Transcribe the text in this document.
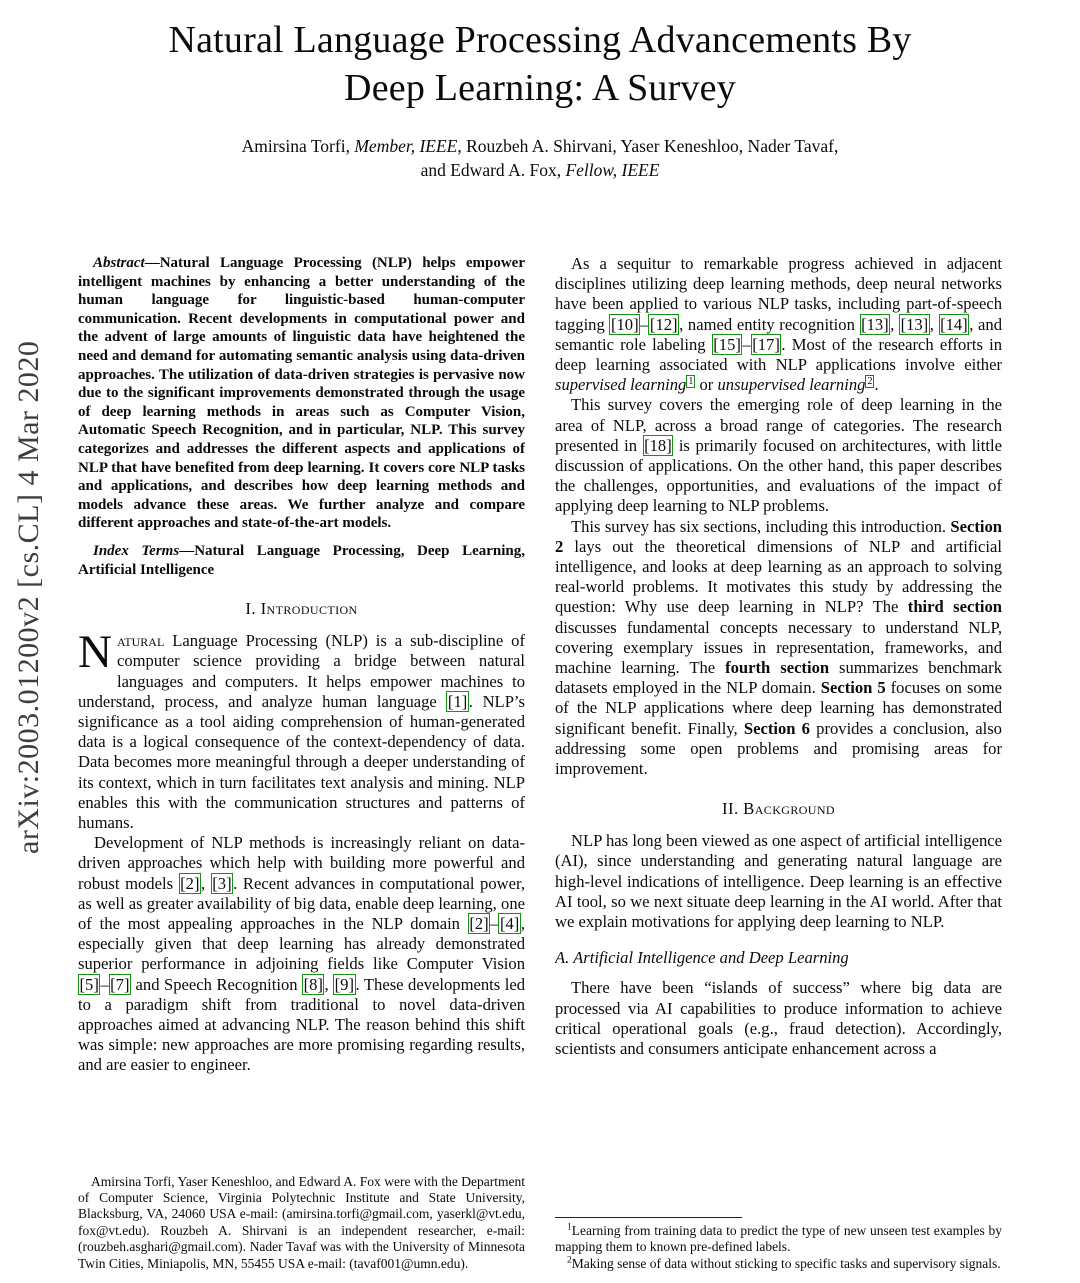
arXiv:2003.01200v2 [cs.CL] 4 Mar 2020
Natural Language Processing Advancements By
Deep Learning: A Survey
Amirsina Torfi, Member, IEEE, Rouzbeh A. Shirvani, Yaser Keneshloo, Nader Tavaf,
and Edward A. Fox, Fellow, IEEE

Abstract—Natural Language Processing (NLP) helps empower intelligent machines by enhancing a better understanding of the human language for linguistic-based human-computer communication. Recent developments in computational power and the advent of large amounts of linguistic data have heightened the need and demand for automating semantic analysis using data-driven approaches. The utilization of data-driven strategies is pervasive now due to the significant improvements demonstrated through the usage of deep learning methods in areas such as Computer Vision, Automatic Speech Recognition, and in particular, NLP. This survey categorizes and addresses the different aspects and applications of NLP that have benefited from deep learning. It covers core NLP tasks and applications, and describes how deep learning methods and models advance these areas. We further analyze and compare different approaches and state-of-the-art models.

Index Terms—Natural Language Processing, Deep Learning, Artificial Intelligence

I. Introduction

Natural Language Processing (NLP) is a sub-discipline of computer science providing a bridge between natural languages and computers. It helps empower machines to understand, process, and analyze human language [1]. NLP’s significance as a tool aiding comprehension of human-generated data is a logical consequence of the context-dependency of data. Data becomes more meaningful through a deeper understanding of its context, which in turn facilitates text analysis and mining. NLP enables this with the communication structures and patterns of humans.

Development of NLP methods is increasingly reliant on data-driven approaches which help with building more powerful and robust models [2], [3]. Recent advances in computational power, as well as greater availability of big data, enable deep learning, one of the most appealing approaches in the NLP domain [2]–[4], especially given that deep learning has already demonstrated superior performance in adjoining fields like Computer Vision [5]–[7] and Speech Recognition [8], [9]. These developments led to a paradigm shift from traditional to novel data-driven approaches aimed at advancing NLP. The reason behind this shift was simple: new approaches are more promising regarding results, and are easier to engineer.

Amirsina Torfi, Yaser Keneshloo, and Edward A. Fox were with the Department of Computer Science, Virginia Polytechnic Institute and State University, Blacksburg, VA, 24060 USA e-mail: (amirsina.torfi@gmail.com, yaserkl@vt.edu, fox@vt.edu). Rouzbeh A. Shirvani is an independent researcher, e-mail: (rouzbeh.asghari@gmail.com). Nader Tavaf was with the University of Minnesota Twin Cities, Miniapolis, MN, 55455 USA e-mail: (tavaf001@umn.edu).

As a sequitur to remarkable progress achieved in adjacent disciplines utilizing deep learning methods, deep neural networks have been applied to various NLP tasks, including part-of-speech tagging [10]–[12], named entity recognition [13], [13], [14], and semantic role labeling [15]–[17]. Most of the research efforts in deep learning associated with NLP applications involve either supervised learning $^1$ or unsupervised learning $^2$ .

This survey covers the emerging role of deep learning in the area of NLP, across a broad range of categories. The research presented in [18] is primarily focused on architectures, with little discussion of applications. On the other hand, this paper describes the challenges, opportunities, and evaluations of the impact of applying deep learning to NLP problems.

This survey has six sections, including this introduction. Section 2 lays out the theoretical dimensions of NLP and artificial intelligence, and looks at deep learning as an approach to solving real-world problems. It motivates this study by addressing the question: Why use deep learning in NLP? The third section discusses fundamental concepts necessary to understand NLP, covering exemplary issues in representation, frameworks, and machine learning. The fourth section summarizes benchmark datasets employed in the NLP domain. Section 5 focuses on some of the NLP applications where deep learning has demonstrated significant benefit. Finally, Section 6 provides a conclusion, also addressing some open problems and promising areas for improvement.

II. Background

NLP has long been viewed as one aspect of artificial intelligence (AI), since understanding and generating natural language are high-level indications of intelligence. Deep learning is an effective AI tool, so we next situate deep learning in the AI world. After that we explain motivations for applying deep learning to NLP.

A. Artificial Intelligence and Deep Learning

There have been “islands of success” where big data are processed via AI capabilities to produce information to achieve critical operational goals (e.g., fraud detection). Accordingly, scientists and consumers anticipate enhancement across a

$^1$Learning from training data to predict the type of new unseen test examples by mapping them to known pre-defined labels.

$^2$Making sense of data without sticking to specific tasks and supervisory signals.
